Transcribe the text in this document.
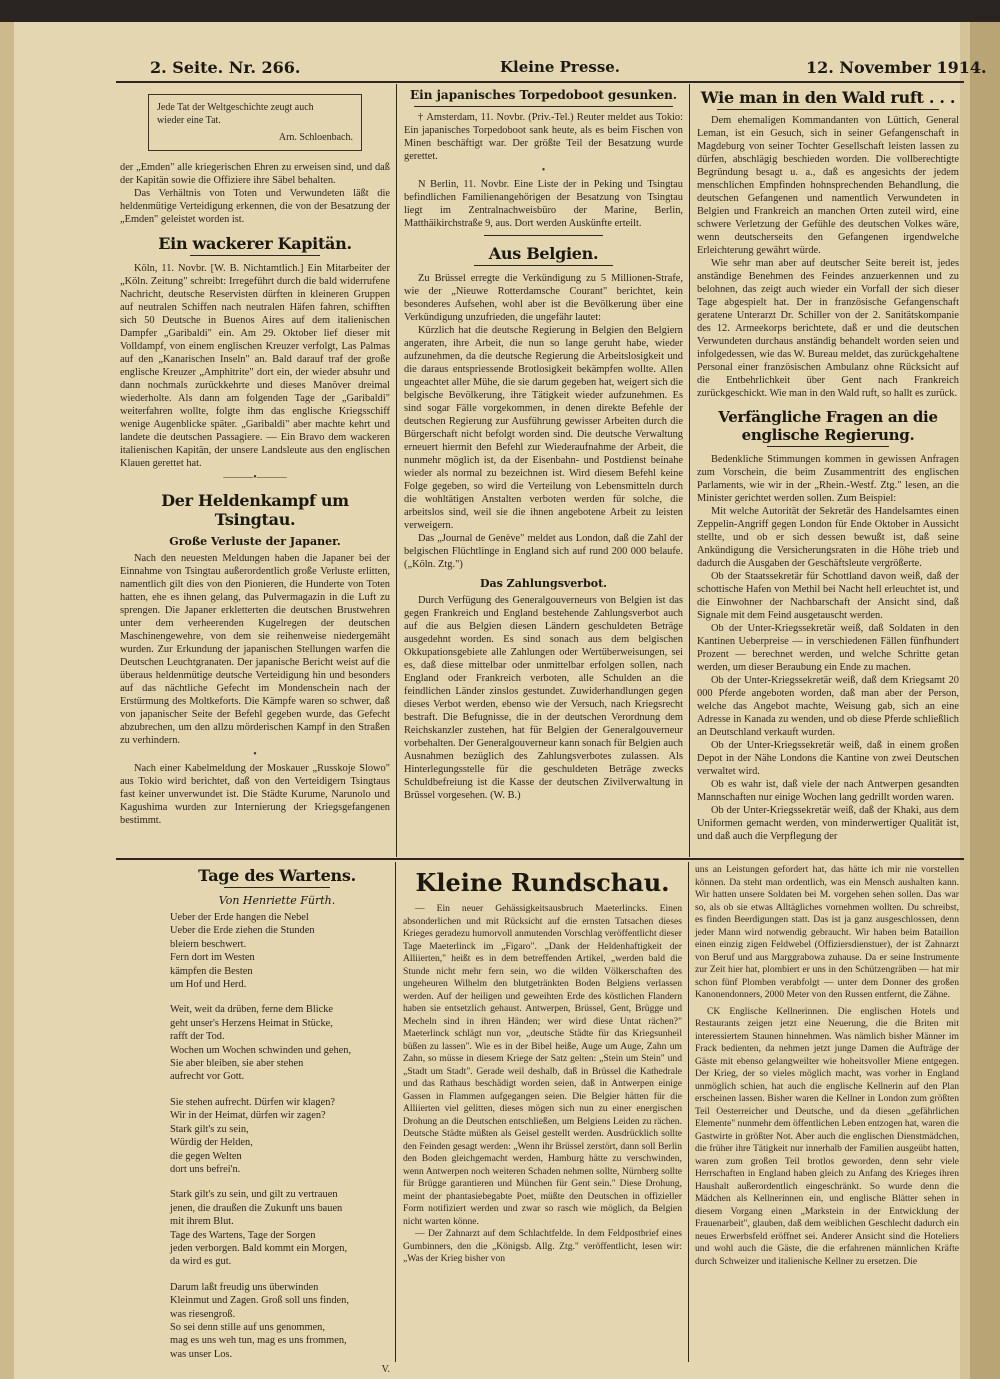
2. Seite. Nr. 266.	Kleine Presse.	12. November 1914.
Jede Tat der Weltgeschichte zeugt auch
wieder eine Tat.
Arn. Schloenbach.

der „Emden" alle kriegerischen Ehren zu erweisen sind, und daß der Kapitän sowie die Offiziere ihre Säbel behalten.

Das Verhältnis von Toten und Verwundeten läßt die heldenmütige Verteidigung erkennen, die von der Besatzung der „Emden" geleistet worden ist.

Ein wackerer Kapitän.

Köln, 11. Novbr. [W. B. Nichtamtlich.] Ein Mitarbeiter der „Köln. Zeitung" schreibt: Irregeführt durch die bald widerrufene Nachricht, deutsche Reservisten dürften in kleineren Gruppen auf neutralen Schiffen nach neutralen Häfen fahren, schifften sich 50 Deutsche in Buenos Aires auf dem italienischen Dampfer „Garibaldi" ein. Am 29. Oktober lief dieser mit Volldampf, von einem englischen Kreuzer verfolgt, Las Palmas auf den „Kanarischen Inseln" an. Bald darauf traf der große englische Kreuzer „Amphitrite" dort ein, der wieder absuhr und dann nochmals zurückkehrte und dieses Manöver dreimal wiederholte. Als dann am folgenden Tage der „Garibaldi" weiterfahren wollte, folgte ihm das englische Kriegsschiff wenige Augenblicke später. „Garibaldi" aber machte kehrt und landete die deutschen Passagiere. — Ein Bravo dem wackeren italienischen Kapitän, der unsere Landsleute aus den englischen Klauen gerettet hat.

———•———
Der Heldenkampf um Tsingtau.
Große Verluste der Japaner.

Nach den neuesten Meldungen haben die Japaner bei der Einnahme von Tsingtau außerordentlich große Verluste erlitten, namentlich gilt dies von den Pionieren, die Hunderte von Toten hatten, ehe es ihnen gelang, das Pulvermagazin in die Luft zu sprengen. Die Japaner erkletterten die deutschen Brustwehren unter dem verheerenden Kugelregen der deutschen Maschinengewehre, von dem sie reihenweise niedergemäht wurden. Zur Erkundung der japanischen Stellungen warfen die Deutschen Leuchtgranaten. Der japanische Bericht weist auf die überaus heldenmütige deutsche Verteidigung hin und besonders auf das nächtliche Gefecht im Mondenschein nach der Erstürmung des Moltkeforts. Die Kämpfe waren so schwer, daß von japanischer Seite der Befehl gegeben wurde, das Gefecht abzubrechen, um den allzu mörderischen Kampf in den Straßen zu verhindern.

•

Nach einer Kabelmeldung der Moskauer „Russkoje Slowo" aus Tokio wird berichtet, daß von den Verteidigern Tsingtaus fast keiner unverwundet ist. Die Städte Kurume, Narunolo und Kagushima wurden zur Internierung der Kriegsgefangenen bestimmt.

Ein japanisches Torpedoboot gesunken.

† Amsterdam, 11. Novbr. (Priv.-Tel.) Reuter meldet aus Tokio: Ein japanisches Torpedoboot sank heute, als es beim Fischen von Minen beschäftigt war. Der größte Teil der Besatzung wurde gerettet.

•

N Berlin, 11. Novbr. Eine Liste der in Peking und Tsingtau befindlichen Familienangehörigen der Besatzung von Tsingtau liegt im Zentralnachweisbüro der Marine, Berlin, Matthäikirchstraße 9, aus. Dort werden Auskünfte erteilt.

Aus Belgien.

Zu Brüssel erregte die Verkündigung zu 5 Millionen-Strafe, wie der „Nieuwe Rotterdamsche Courant" berichtet, kein besonderes Aufsehen, wohl aber ist die Bevölkerung über eine Verkündigung unzufrieden, die ungefähr lautet:

Kürzlich hat die deutsche Regierung in Belgien den Belgiern angeraten, ihre Arbeit, die nun so lange geruht habe, wieder aufzunehmen, da die deutsche Regierung die Arbeitslosigkeit und die daraus entspriessende Brotlosigkeit bekämpfen wollte. Allen ungeachtet aller Mühe, die sie darum gegeben hat, weigert sich die belgische Bevölkerung, ihre Tätigkeit wieder aufzunehmen. Es sind sogar Fälle vorgekommen, in denen direkte Befehle der deutschen Regierung zur Ausführung gewisser Arbeiten durch die Bürgerschaft nicht befolgt worden sind. Die deutsche Verwaltung erneuert hiermit den Befehl zur Wiederaufnahme der Arbeit, die nunmehr möglich ist, da der Eisenbahn- und Postdienst beinahe wieder als normal zu bezeichnen ist. Wird diesem Befehl keine Folge gegeben, so wird die Verteilung von Lebensmitteln durch die wohltätigen Anstalten verboten werden für solche, die arbeitslos sind, weil sie die ihnen angebotene Arbeit zu leisten verweigern.

Das „Journal de Genève" meldet aus London, daß die Zahl der belgischen Flüchtlinge in England sich auf rund 200 000 belaufe. („Köln. Ztg.")

Das Zahlungsverbot.

Durch Verfügung des Generalgouverneurs von Belgien ist das gegen Frankreich und England bestehende Zahlungsverbot auch auf die aus Belgien diesen Ländern geschuldeten Beträge ausgedehnt worden. Es sind sonach aus dem belgischen Okkupationsgebiete alle Zahlungen oder Wertüberweisungen, sei es, daß diese mittelbar oder unmittelbar erfolgen sollen, nach England oder Frankreich verboten, alle Schulden an die feindlichen Länder zinslos gestundet. Zuwiderhandlungen gegen dieses Verbot werden, ebenso wie der Versuch, nach Kriegsrecht bestraft. Die Befugnisse, die in der deutschen Verordnung dem Reichskanzler zustehen, hat für Belgien der Generalgouverneur vorbehalten. Der Generalgouverneur kann sonach für Belgien auch Ausnahmen bezüglich des Zahlungsverbotes zulassen. Als Hinterlegungsstelle für die geschuldeten Beträge zwecks Schuldbefreiung ist die Kasse der deutschen Zivilverwaltung in Brüssel vorgesehen. (W. B.)

Wie man in den Wald ruft . . .

Dem ehemaligen Kommandanten von Lüttich, General Leman, ist ein Gesuch, sich in seiner Gefangenschaft in Magdeburg von seiner Tochter Gesellschaft leisten lassen zu dürfen, abschlägig beschieden worden. Die vollberechtigte Begründung besagt u. a., daß es angesichts der jedem menschlichen Empfinden hohnsprechenden Behandlung, die deutschen Gefangenen und namentlich Verwundeten in Belgien und Frankreich an manchen Orten zuteil wird, eine schwere Verletzung der Gefühle des deutschen Volkes wäre, wenn deutscherseits den Gefangenen irgendwelche Erleichterung gewährt würde.

Wie sehr man aber auf deutscher Seite bereit ist, jedes anständige Benehmen des Feindes anzuerkennen und zu belohnen, das zeigt auch wieder ein Vorfall der sich dieser Tage abgespielt hat. Der in französische Gefangenschaft geratene Unterarzt Dr. Schiller von der 2. Sanitätskompanie des 12. Armeekorps berichtete, daß er und die deutschen Verwundeten durchaus anständig behandelt worden seien und infolgedessen, wie das W. Bureau meldet, das zurückgehaltene Personal einer französischen Ambulanz ohne Rücksicht auf die Entbehrlichkeit über Gent nach Frankreich zurückgeschickt. Wie man in den Wald ruft, so hallt es zurück.

Verfängliche Fragen an die englische Regierung.

Bedenkliche Stimmungen kommen in gewissen Anfragen zum Vorschein, die beim Zusammentritt des englischen Parlaments, wie wir in der „Rhein.-Westf. Ztg." lesen, an die Minister gerichtet werden sollen. Zum Beispiel:

Mit welche Autorität der Sekretär des Handelsamtes einen Zeppelin-Angriff gegen London für Ende Oktober in Aussicht stellte, und ob er sich dessen bewußt ist, daß seine Ankündigung die Versicherungsraten in die Höhe trieb und dadurch die Ausgaben der Geschäftsleute vergrößerte.

Ob der Staatssekretär für Schottland davon weiß, daß der schottische Hafen von Methil bei Nacht hell erleuchtet ist, und die Einwohner der Nachbarschaft der Ansicht sind, daß Signale mit dem Feind ausgetauscht werden.

Ob der Unter-Kriegssekretär weiß, daß Soldaten in den Kantinen Ueberpreise — in verschiedenen Fällen fünfhundert Prozent — berechnet werden, und welche Schritte getan werden, um dieser Beraubung ein Ende zu machen.

Ob der Unter-Kriegssekretär weiß, daß dem Kriegsamt 20 000 Pferde angeboten worden, daß man aber der Person, welche das Angebot machte, Weisung gab, sich an eine Adresse in Kanada zu wenden, und ob diese Pferde schließlich an Deutschland verkauft wurden.

Ob der Unter-Kriegssekretär weiß, daß in einem großen Depot in der Nähe Londons die Kantine von zwei Deutschen verwaltet wird.

Ob es wahr ist, daß viele der nach Antwerpen gesandten Mannschaften nur einige Wochen lang gedrillt worden waren.

Ob der Unter-Kriegssekretär weiß, daß der Khaki, aus dem Uniformen gemacht werden, von minderwertiger Qualität ist, und daß auch die Verpflegung der

Tage des Wartens.
Von Henriette Fürth.
Ueber der Erde hangen die Nebel
Ueber die Erde ziehen die Stunden
bleiern beschwert.
Fern dort im Westen
kämpfen die Besten
um Hof und Herd.
Weit, weit da drüben, ferne dem Blicke
geht unser's Herzens Heimat in Stücke,
rafft der Tod.
Wochen um Wochen schwinden und gehen,
Sie aber bleiben, sie aber stehen
aufrecht vor Gott.
Sie stehen aufrecht. Dürfen wir klagen?
Wir in der Heimat, dürfen wir zagen?
Stark gilt's zu sein,
Würdig der Helden,
die gegen Welten
dort uns befrei'n.
Stark gilt's zu sein, und gilt zu vertrauen
jenen, die draußen die Zukunft uns bauen
mit ihrem Blut.
Tage des Wartens, Tage der Sorgen
jeden verborgen. Bald kommt ein Morgen,
da wird es gut.
Darum laßt freudig uns überwinden
Kleinmut und Zagen. Groß soll uns finden,
was riesengroß.
So sei denn stille auf uns genommen,
mag es uns weh tun, mag es uns frommen,
was unser Los.
V.
Kleine Rundschau.

— Ein neuer Gehässigkeitsausbruch Maeterlincks. Einen absonderlichen und mit Rücksicht auf die ernsten Tatsachen dieses Krieges geradezu humorvoll anmutenden Vorschlag veröffentlicht dieser Tage Maeterlinck im „Figaro". „Dank der Heldenhaftigkeit der Alliierten," heißt es in dem betreffenden Artikel, „werden bald die Stunde nicht mehr fern sein, wo die wilden Völkerschaften des ungeheuren Wilhelm den blutgetränkten Boden Belgiens verlassen werden. Auf der heiligen und geweihten Erde des köstlichen Flandern haben sie entsetzlich gehaust. Antwerpen, Brüssel, Gent, Brügge und Mecheln sind in ihren Händen; wer wird diese Untat rächen?" Maeterlinck schlägt nun vor, „deutsche Städte für das Kriegsunheil büßen zu lassen". Wie es in der Bibel heiße, Auge um Auge, Zahn um Zahn, so müsse in diesem Kriege der Satz gelten: „Stein um Stein" und „Stadt um Stadt". Gerade weil deshalb, daß in Brüssel die Kathedrale und das Rathaus beschädigt worden seien, daß in Antwerpen einige Gassen in Flammen aufgegangen seien. Die Belgier hätten für die Alliierten viel gelitten, dieses mögen sich nun zu einer energischen Drohung an die Deutschen entschließen, um Belgiens Leiden zu rächen. Deutsche Städte müßten als Geisel gestellt werden. Ausdrücklich sollte den Feinden gesagt werden: „Wenn ihr Brüssel zerstört, dann soll Berlin den Boden gleichgemacht werden, Hamburg hätte zu verschwinden, wenn Antwerpen noch weiteren Schaden nehmen sollte, Nürnberg sollte für Brügge garantieren und München für Gent sein." Diese Drohung, meint der phantasiebegabte Poet, müßte den Deutschen in offizieller Form notifiziert werden und zwar so rasch wie möglich, da Belgien nicht warten könne.

— Der Zahnarzt auf dem Schlachtfelde. In dem Feldpostbrief eines Gumbinners, den die „Königsb. Allg. Ztg." veröffentlicht, lesen wir: „Was der Krieg bisher von

uns an Leistungen gefordert hat, das hätte ich mir nie vorstellen können. Da steht man ordentlich, was ein Mensch aushalten kann. Wir hatten unsere Soldaten bei M. vorgehen sehen sollen. Das war so, als ob sie etwas Alltägliches vornehmen wollten. Du schreibst, es finden Beerdigungen statt. Das ist ja ganz ausgeschlossen, denn jeder Mann wird notwendig gebraucht. Wir haben beim Bataillon einen einzig zigen Feldwebel (Offiziersdienstuer), der ist Zahnarzt von Beruf und aus Marggrabowa zuhause. Da er seine Instrumente zur Zeit hier hat, plombiert er uns in den Schützengräben — hat mir schon fünf Plomben verabfolgt — unter dem Donner des großen Kanonendonners, 2000 Meter von den Russen entfernt, die Zähne.

CK Englische Kellnerinnen. Die englischen Hotels und Restaurants zeigen jetzt eine Neuerung, die die Briten mit interessiertem Staunen hinnehmen. Was nämlich bisher Männer im Frack bedienten, da nehmen jetzt junge Damen die Aufträge der Gäste mit ebenso gelangweilter wie hoheitsvoller Miene entgegen. Der Krieg, der so vieles möglich macht, was vorher in England unmöglich schien, hat auch die englische Kellnerin auf den Plan erscheinen lassen. Bisher waren die Kellner in London zum größten Teil Oesterreicher und Deutsche, und da diesen „gefährlichen Elemente" nunmehr dem öffentlichen Leben entzogen hat, waren die Gastwirte in größter Not. Aber auch die englischen Dienstmädchen, die früher ihre Tätigkeit nur innerhalb der Familien ausgeübt hatten, waren zum großen Teil brotlos geworden, denn sehr viele Herrschaften in England haben gleich zu Anfang des Krieges ihren Haushalt außerordentlich eingeschränkt. So wurde denn die Mädchen als Kellnerinnen ein, und englische Blätter sehen in diesem Vorgang einen „Markstein in der Entwicklung der Frauenarbeit", glauben, daß dem weiblichen Geschlecht dadurch ein neues Erwerbsfeld eröffnet sei. Anderer Ansicht sind die Hoteliers und wohl auch die Gäste, die die erfahrenen männlichen Kräfte durch Schweizer und italienische Kellner zu ersetzen. Die
